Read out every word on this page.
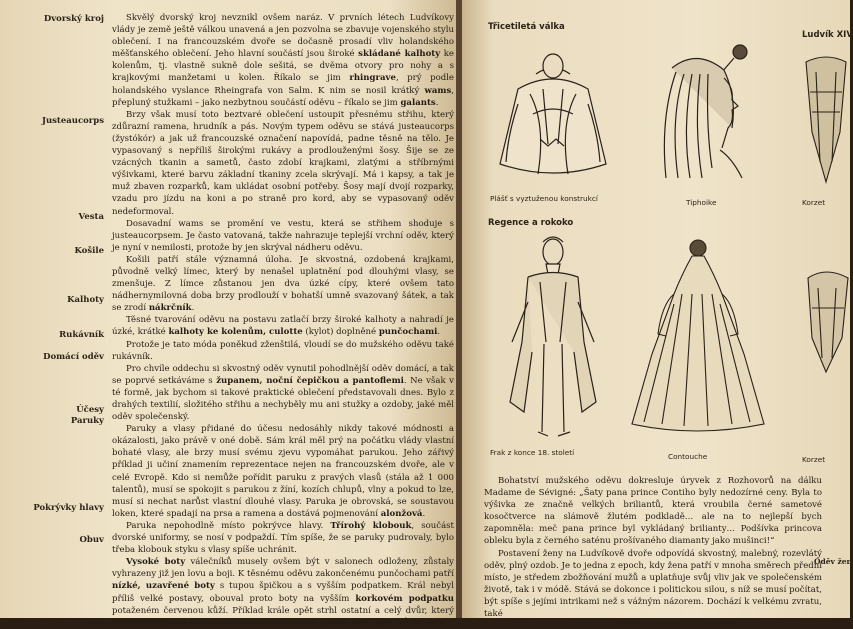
Dvorský kroj
Justeaucorps
Vesta
Košile
Kalhoty
Rukávník
Domácí oděv
Účesy
Paruky
Pokrývky hlavy
Obuv

Skvělý dvorský kroj nevznikl ovšem naráz. V prvních létech Ludvíkovy vlády je země ještě válkou unavená a jen pozvolna se zbavuje vojenského stylu oblečení. I na francouzském dvoře se dočasně prosadí vliv holandského měšťanského oblečení. Jeho hlavní součástí jsou široké skládané kalhoty ke kolenům, tj. vlastně sukně dole sešitá, se dvěma otvory pro nohy a s krajkovými manžetami u kolen. Říkalo se jim rhingrave, prý podle holandského vyslance Rheingrafa von Salm. K nim se nosil krátký wams, přepluný stužkami – jako nezbytnou součástí oděvu – říkalo se jim galants.

Brzy však musí toto beztvaré oblečení ustoupit přesnému střihu, který zdůrazní ramena, hrudník a pás. Novým typem oděvu se stává justeaucorps (žystókór) a jak už francouzské označení napovídá, padne těsně na tělo. Je vypasovaný s nepříliš širokými rukávy a prodlouženými šosy. Šije se ze vzácných tkanin a sametů, často zdobí krajkami, zlatými a stříbrnými výšivkami, které barvu základní tkaniny zcela skrývají. Má i kapsy, a tak je muž zbaven rozparků, kam ukládat osobní potřeby. Šosy mají dvojí rozparky, vzadu pro jízdu na koni a po straně pro kord, aby se vypasovaný oděv nedeformoval.

Dosavadní wams se promění ve vestu, která se střihem shoduje s justeaucorpsem. Je často vatovaná, takže nahrazuje teplejší vrchní oděv, který je nyní v nemilosti, protože by jen skrýval nádheru oděvu.

Košili patří stále významná úloha. Je skvostná, ozdobená krajkami, původně velký límec, který by nenašel uplatnění pod dlouhými vlasy, se zmenšuje. Z límce zůstanou jen dva úzké cípy, které ovšem tato nádhernymilovná doba brzy prodlouží v bohatší umně svazovaný šátek, a tak se zrodí nákrčník.

Těsné tvarování oděvu na postavu zatlačí brzy široké kalhoty a nahradí je úzké, krátké kalhoty ke kolenům, culotte (kylot) doplněné punčochami.

Protože je tato móda poněkud zženštilá, vloudí se do mužského oděvu také rukávník.

Pro chvíle oddechu si skvostný oděv vynutil pohodlnější oděv domácí, a tak se poprvé setkáváme s županem, noční čepičkou a pantoflemi. Ne však v té formě, jak bychom si takové praktické oblečení představovali dnes. Bylo z drahých textilií, složitého střihu a nechyběly mu ani stužky a ozdoby, jaké měl oděv společenský.

Paruky a vlasy přidané do účesu nedosáhly nikdy takové módnosti a okázalosti, jako právě v oné době. Sám král měl prý na počátku vlády vlastní bohaté vlasy, ale brzy musí svému zjevu vypomáhat parukou. Jeho zářivý příklad ji učiní znamením reprezentace nejen na francouzském dvoře, ale v celé Evropě. Kdo si nemůže pořídit paruku z pravých vlasů (stála až 1 000 talentů), musí se spokojit s parukou z žíní, kozích chlupů, vlny a pokud to lze, musí si nechat narůst vlastní dlouhé vlasy. Paruka je obrovská, se soustavou loken, které spadají na prsa a ramena a dostává pojmenování alonžová.

Paruka nepohodlně místo pokrývce hlavy. Třírohý klobouk, součást dvorské uniformy, se nosí v podpaždí. Tím spíše, že se paruky pudrovaly, bylo třeba klobouk styku s vlasy spíše uchránit.

Vysoké boty válečníků musely ovšem být v salonech odloženy, zůstaly vyhrazeny již jen lovu a boji. K těsnému oděvu zakončenému punčochami patří nízké, uzavřené boty s tupou špičkou a s vyšším podpatkem. Král nebyl příliš velké postavy, obouval proto boty na vyšším korkovém podpatku potaženém červenou kůží. Příklad krále opět strhl ostatní a celý dvůr, který krále neustále se zbožněním sledoval, nosil pak takové boty jako svůj výsadu.

Třicetiletá válka
Ludvík XIV
Plášť s vyztuženou konstrukcí	Tiphoike	Korzet
Regence a rokoko
Frak z konce 18. století	Contouche	Korzet

Bohatství mužského oděvu dokresluje úryvek z Rozhovorů na dálku Madame de Sévigné: „Šaty pana prince Contiho byly nedozírné ceny. Byla to výšivka ze značně velkých briliantů, která vroubila černé sametové kosočtverce na slámově žlutém podkladě… ale na to nejlepší bych zapomněla: meč pana prince byl vykládaný brilianty… Podšívka princova obleku byla z černého saténu prošívaného diamanty jako mušinci!“

Postavení ženy na Ludvíkově dvoře odpovídá skvostný, malebný, rozevlátý oděv, plný ozdob. Je to jedna z epoch, kdy žena patří v mnoha směrech přední místo, je středem zbožňování mužů a uplatňuje svůj vliv jak ve společenském životě, tak i v módě. Stává se dokonce i politickou silou, s níž se musí počítat, být spíše s jejími intrikami než s vážným názorem. Dochází k velkému zvratu, také

Oděv žen
